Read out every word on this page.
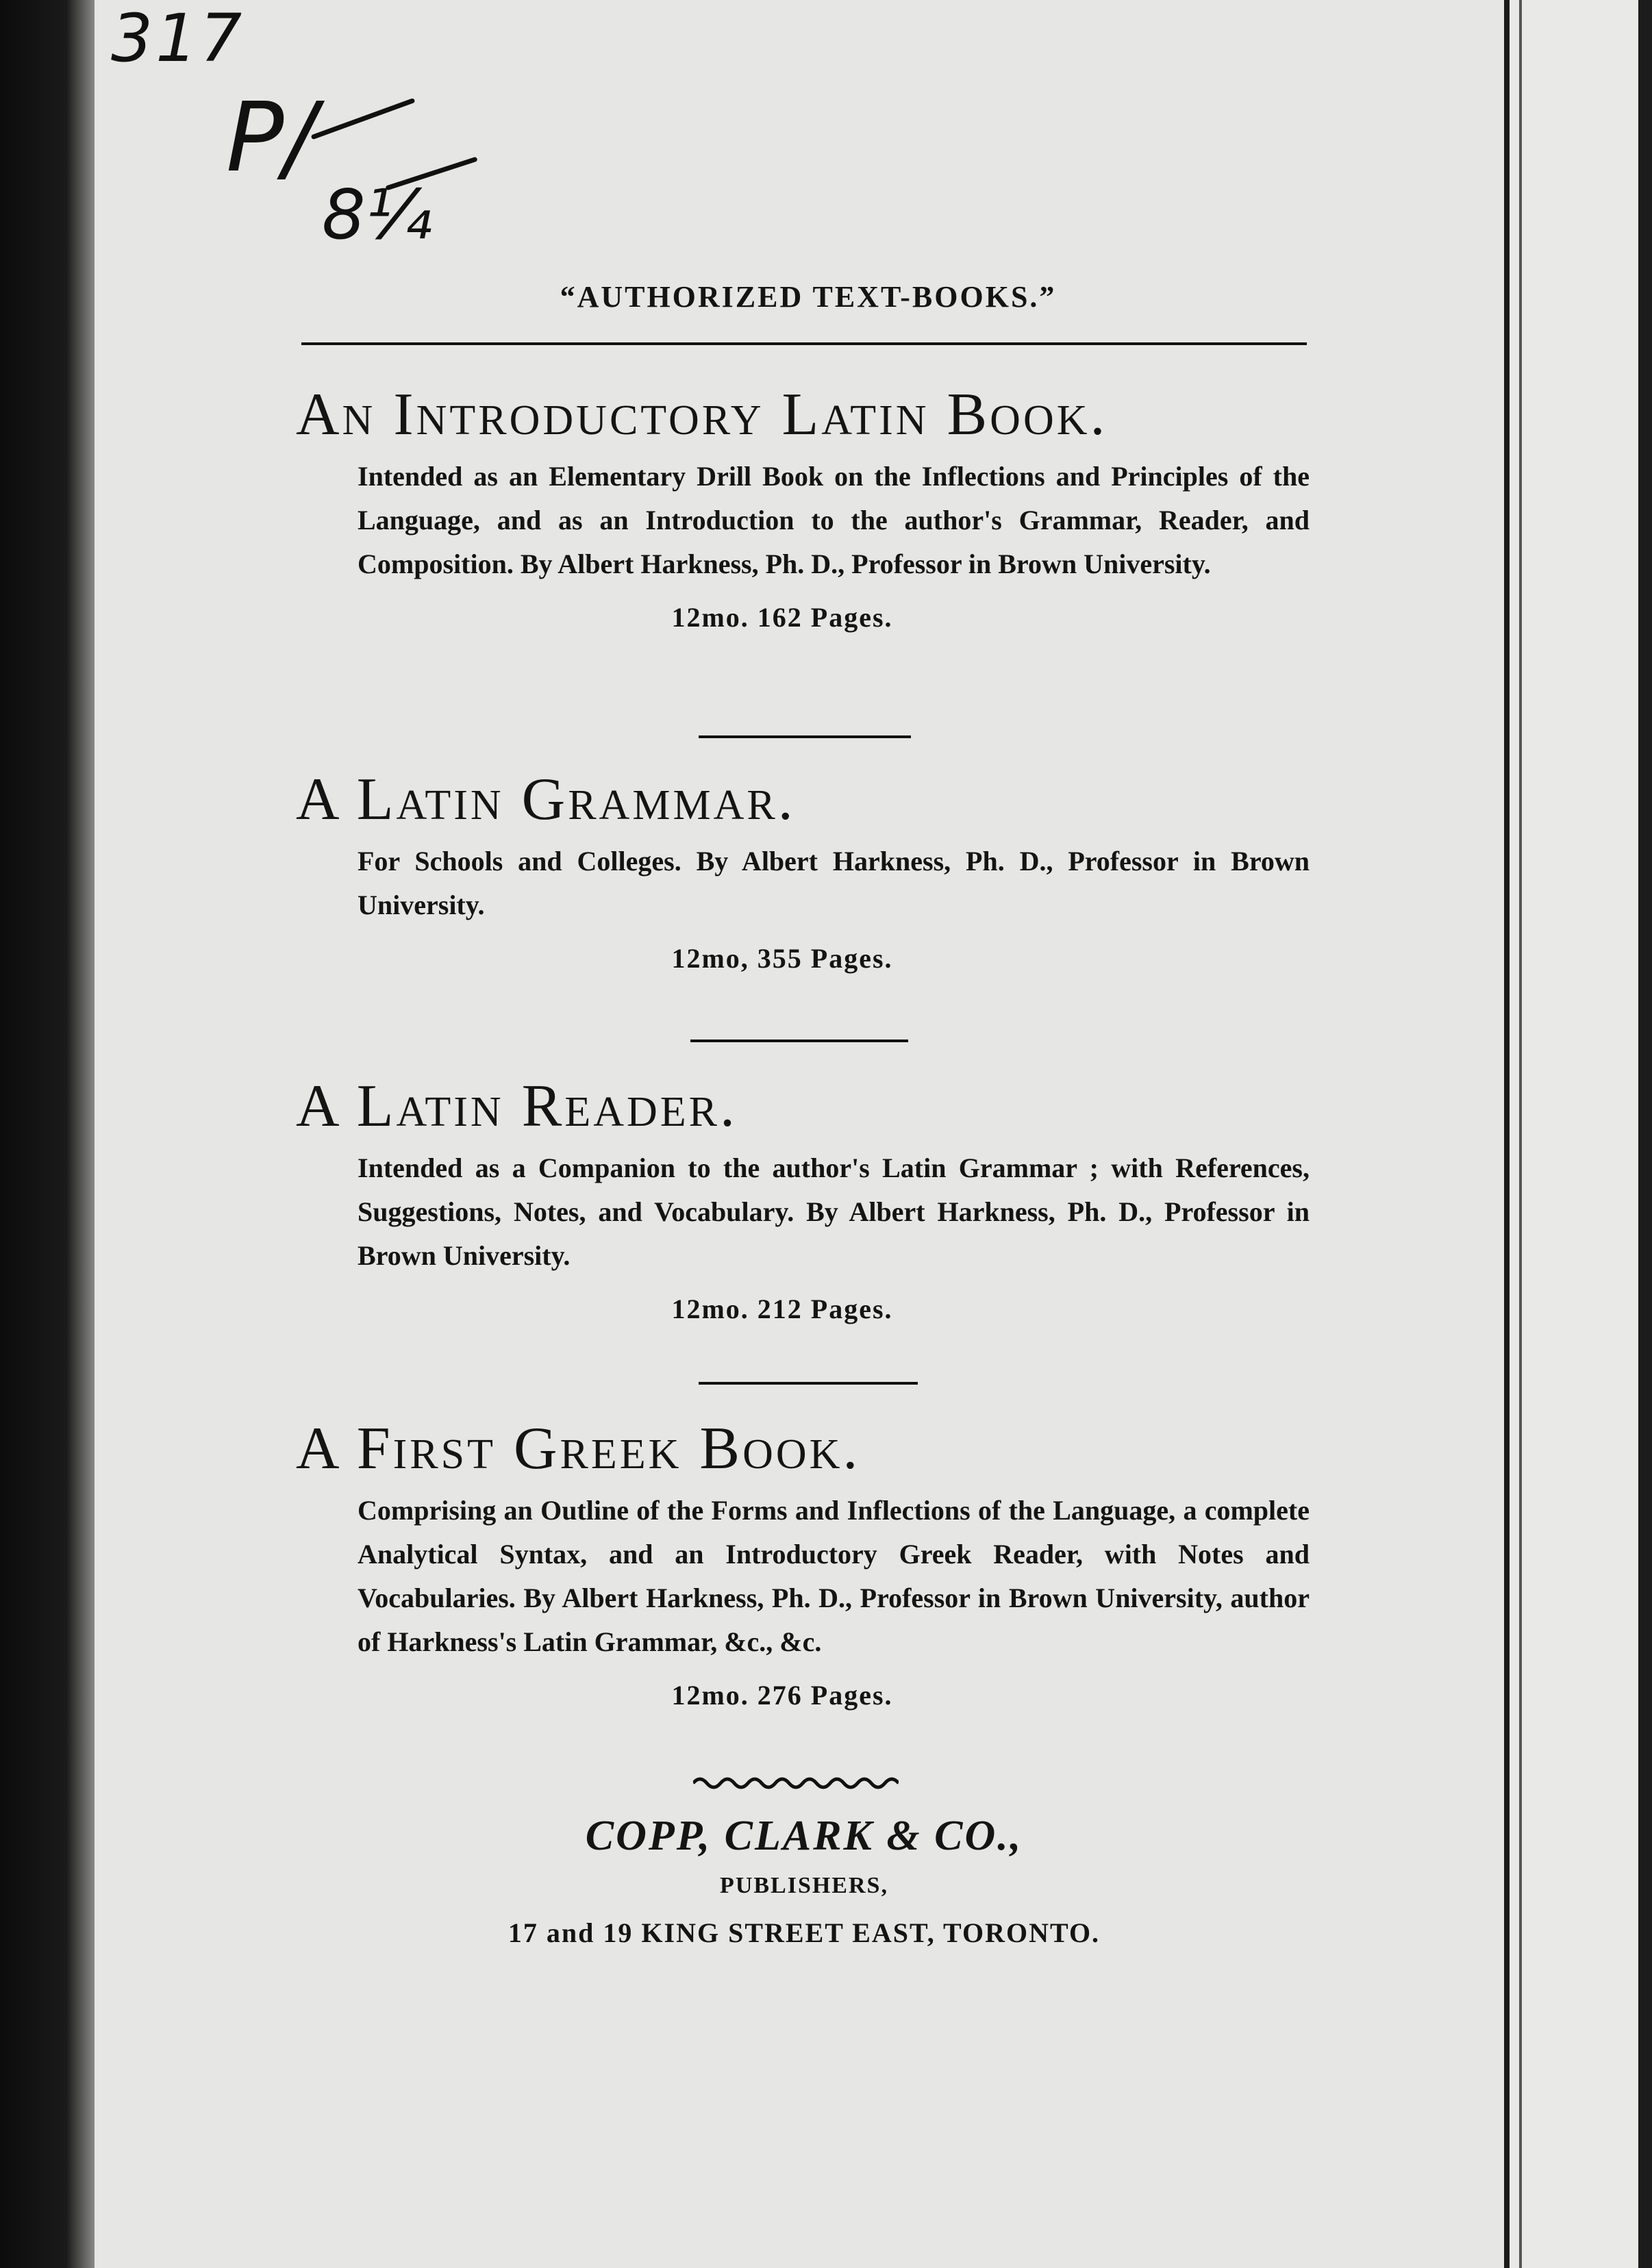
317
P/
8¼
“AUTHORIZED TEXT-BOOKS.”
An Introductory Latin Book.
Intended as an Elementary Drill Book on the Inflections and Principles of the Language, and as an Introduction to the author's Grammar, Reader, and Composition. By Albert Harkness, Ph. D., Professor in Brown University.
12mo. 162 Pages.
A Latin Grammar.
For Schools and Colleges. By Albert Harkness, Ph. D., Professor in Brown University.
12mo, 355 Pages.
A Latin Reader.
Intended as a Companion to the author's Latin Grammar ; with References, Suggestions, Notes, and Vocabulary. By Albert Harkness, Ph. D., Professor in Brown University.
12mo. 212 Pages.
A First Greek Book.
Comprising an Outline of the Forms and Inflections of the Language, a complete Analytical Syntax, and an Introductory Greek Reader, with Notes and Vocabularies. By Albert Harkness, Ph. D., Professor in Brown University, author of Harkness's Latin Grammar, &c., &c.
12mo. 276 Pages.
COPP, CLARK & CO.,
PUBLISHERS,
17 and 19 KING STREET EAST, TORONTO.
